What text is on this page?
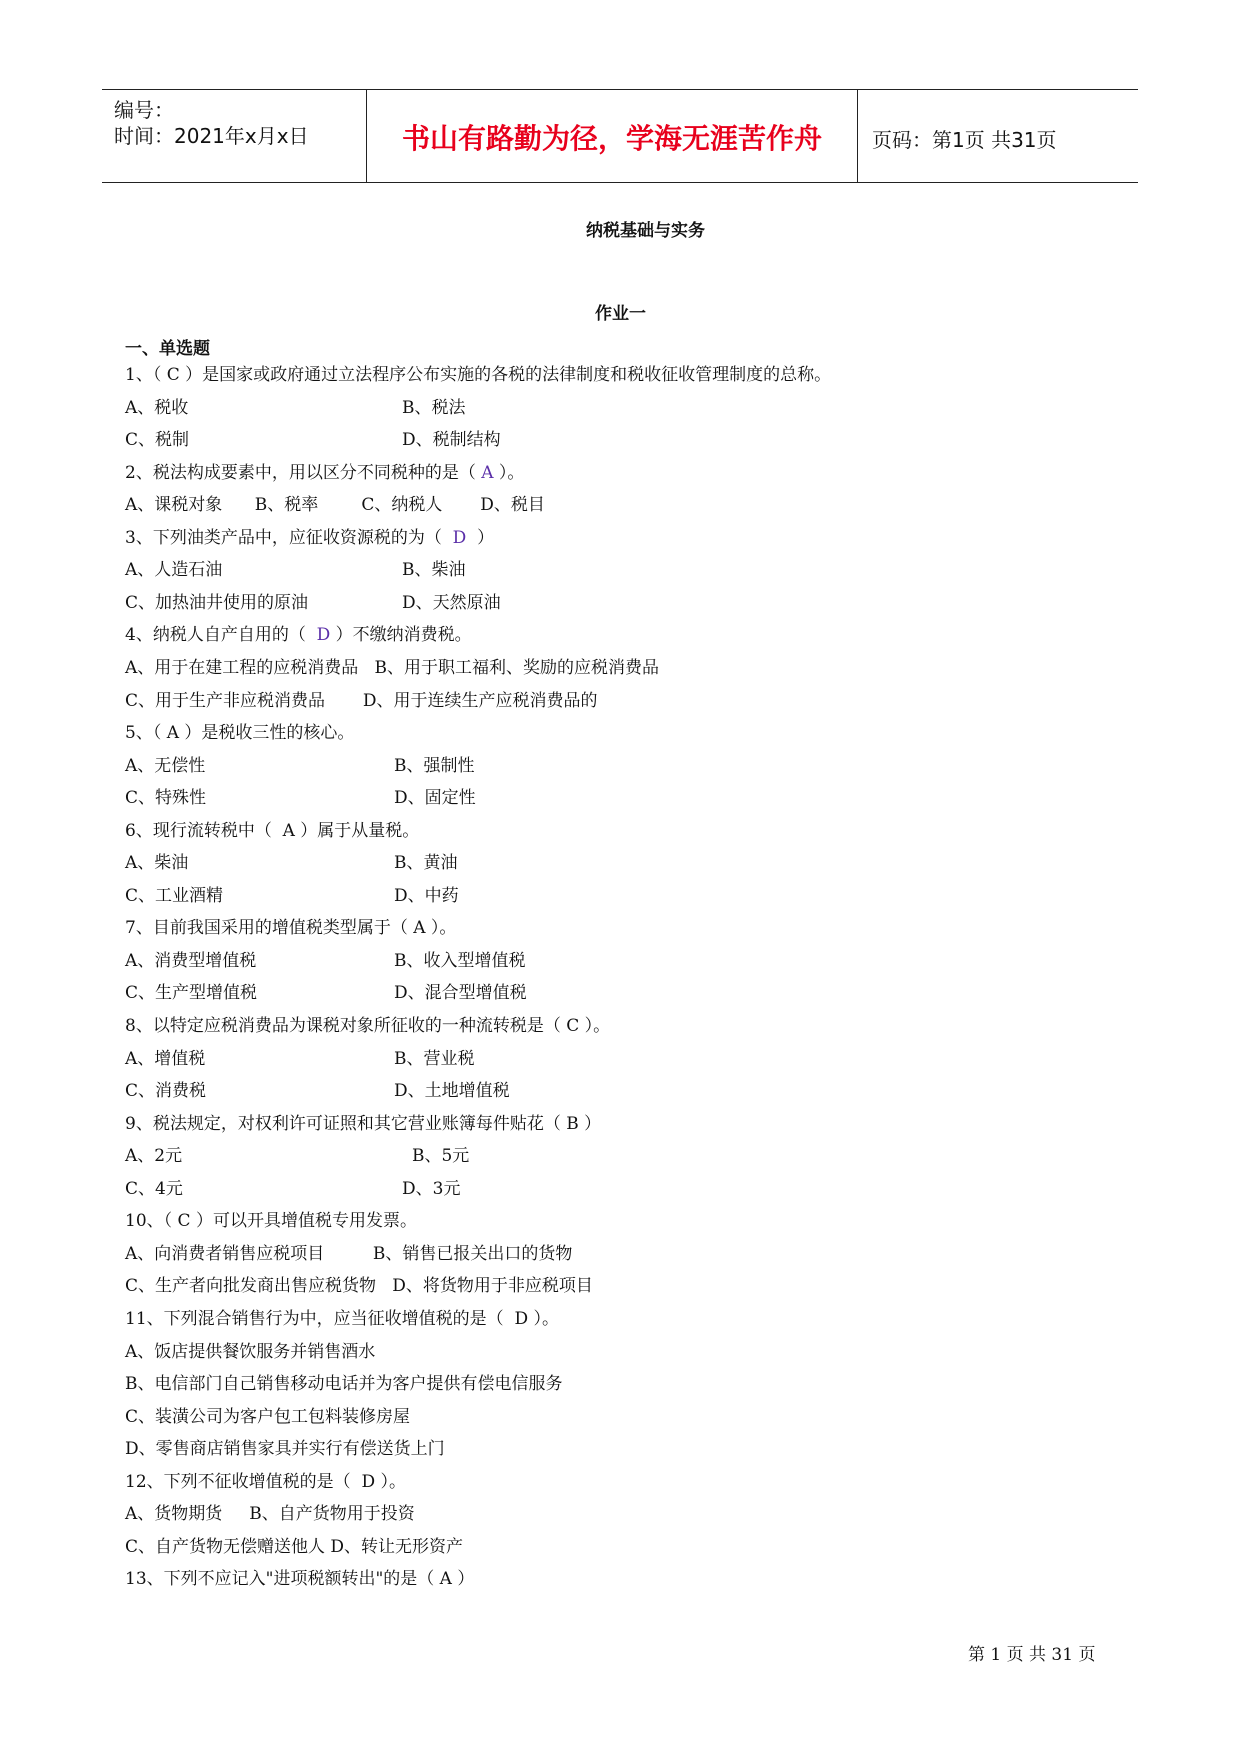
编号：
时间：2021年x月x日	书山有路勤为径，学海无涯苦作舟	页码：第1页 共31页
纳税基础与实务
作业一
一、单选题
1、（ C ）是国家或政府通过立法程序公布实施的各税的法律制度和税收征收管理制度的总称。
A、税收	B、税法
C、税制	D、税制结构
2、税法构成要素中，用以区分不同税种的是（ A ）。
A、课税对象      B、税率        C、纳税人       D、税目
3、下列油类产品中，应征收资源税的为（  D  ）
A、人造石油	B、柴油
C、加热油井使用的原油	D、天然原油
4、纳税人自产自用的（  D ）不缴纳消费税。
A、用于在建工程的应税消费品   B、用于职工福利、奖励的应税消费品
C、用于生产非应税消费品       D、用于连续生产应税消费品的
5、（ A ）是税收三性的核心。
A、无偿性	B、强制性
C、特殊性	D、固定性
6、现行流转税中（  A ）属于从量税。
A、柴油	B、黄油
C、工业酒精	D、中药
7、目前我国采用的增值税类型属于（ A ）。
A、消费型增值税	B、收入型增值税
C、生产型增值税	D、混合型增值税
8、以特定应税消费品为课税对象所征收的一种流转税是（ C ）。
A、增值税	B、营业税
C、消费税	D、土地增值税
9、税法规定，对权利许可证照和其它营业账簿每件贴花（ B ）
A、2元	B、5元
C、4元	D、3元
10、（ C ）可以开具增值税专用发票。
A、向消费者销售应税项目         B、销售已报关出口的货物
C、生产者向批发商出售应税货物   D、将货物用于非应税项目
11、下列混合销售行为中，应当征收增值税的是（  D ）。
A、饭店提供餐饮服务并销售酒水
B、电信部门自己销售移动电话并为客户提供有偿电信服务
C、装潢公司为客户包工包料装修房屋
D、零售商店销售家具并实行有偿送货上门
12、下列不征收增值税的是（  D ）。
A、货物期货     B、自产货物用于投资
C、自产货物无偿赠送他人 D、转让无形资产
13、下列不应记入"进项税额转出"的是（ A ）
第 1 页 共 31 页
